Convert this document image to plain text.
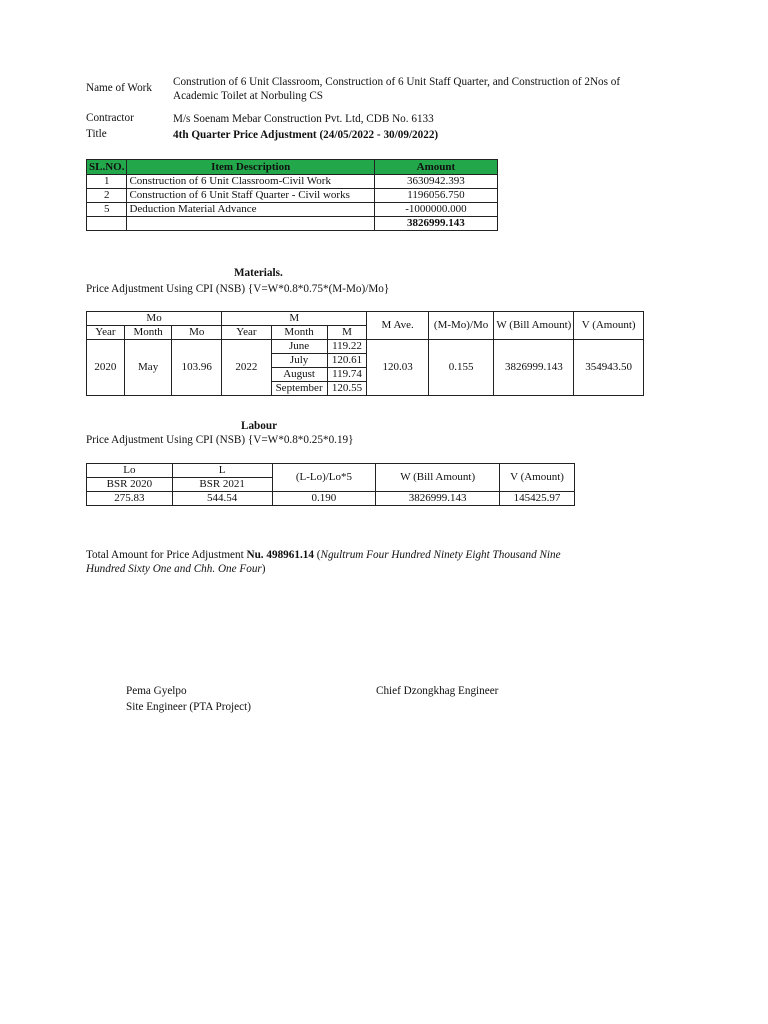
Name of Work Constrution of 6 Unit Classroom, Construction of 6 Unit Staff Quarter, and Construction of 2Nos of
Academic Toilet at Norbuling CS
Contractor	M/s Soenam Mebar Construction Pvt. Ltd, CDB No. 6133
Title	4th Quarter Price Adjustment (24/05/2022 - 30/09/2022)
SL.NO.	Item Description	Amount
1	Construction of 6 Unit Classroom-Civil Work	3630942.393
2	Construction of 6 Unit Staff Quarter - Civil works	1196056.750
5	Deduction Material Advance	-1000000.000
		3826999.143
Materials.
Price Adjustment Using CPI (NSB) {V=W*0.8*0.75*(M-Mo)/Mo}
Mo			M			M Ave.	(M-Mo)/Mo	W (Bill Amount)	V (Amount)
Year	Month	Mo	Year	Month	M				
2020	May	103.96	2022	June	119.22	120.03	0.155	3826999.143	354943.50
				July	120.61				
				August	119.74				
				September	120.55				
Labour
Price Adjustment Using CPI (NSB) {V=W*0.8*0.25*0.19}
Lo	L	(L-Lo)/Lo*5	W (Bill Amount)	V (Amount)
BSR 2020	BSR 2021			
275.83	544.54	0.190	3826999.143	145425.97
Total Amount for Price Adjustment Nu. 498961.14 (Ngultrum Four Hundred Ninety Eight Thousand Nine
Hundred Sixty One and Chh. One Four)
Pema Gyelpo
Site Engineer (PTA Project)
Chief Dzongkhag Engineer
